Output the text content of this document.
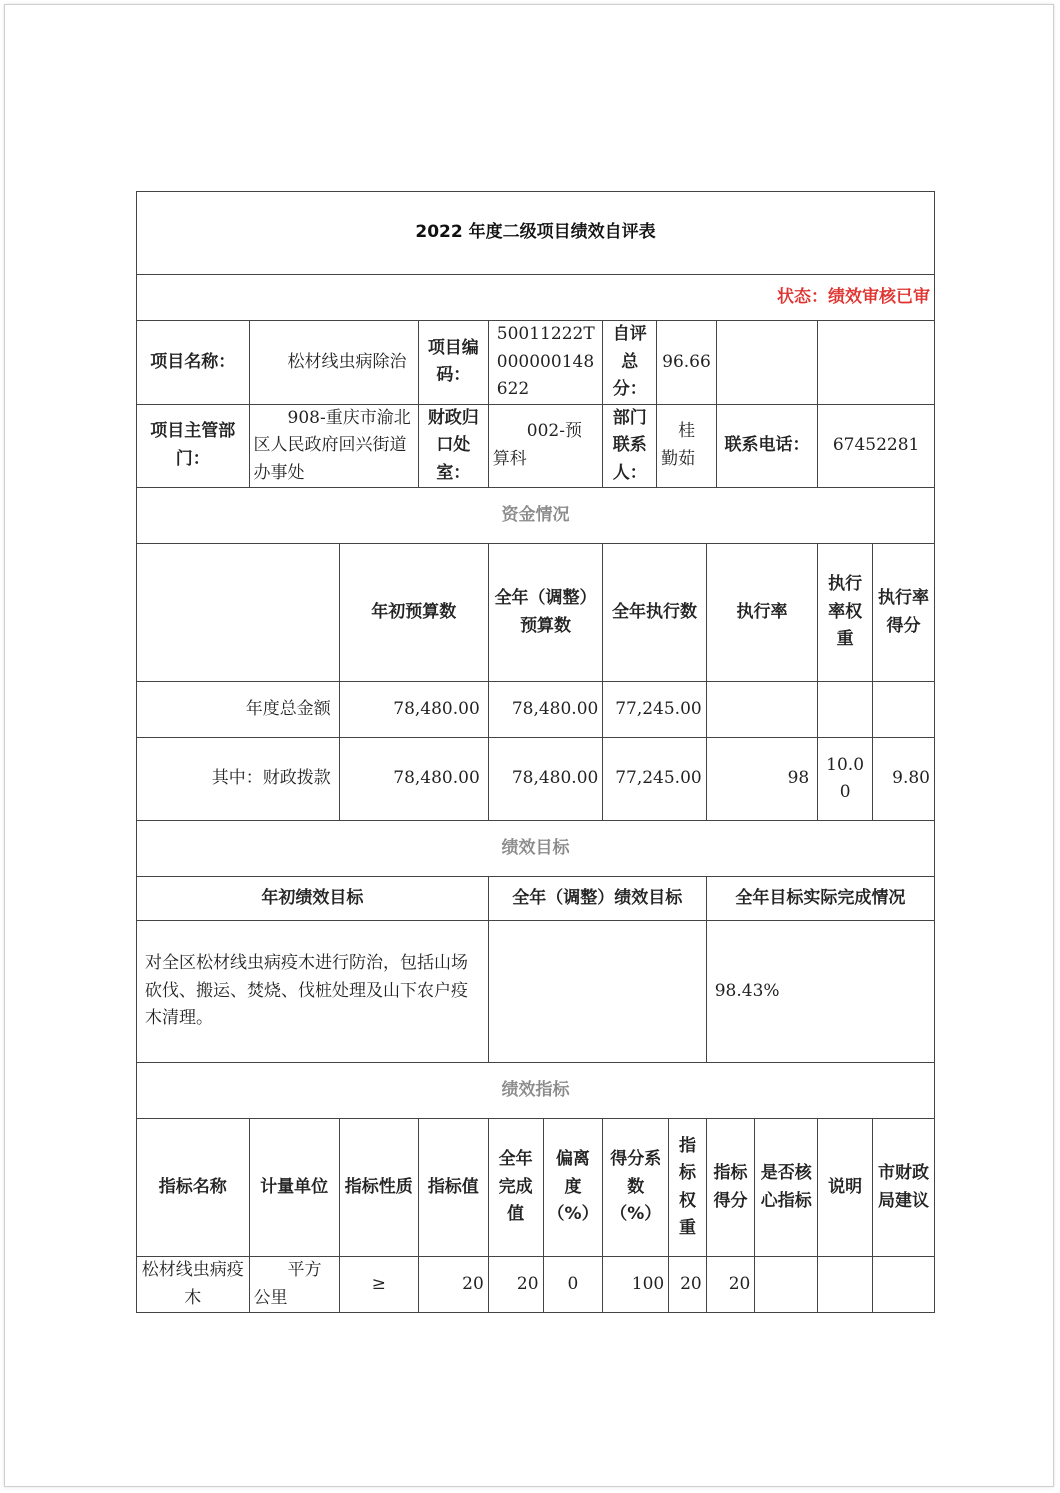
2022 年度二级项目绩效自评表													
状态：绩效审核已审													
项目名称：	松材线虫病除治		项目编码：	50011222T000000148622		自评总分：	96.66						
项目主管部门：	908-重庆市渝北区人民政府回兴街道办事处		财政归口处室：	002-预算科		部门联系人：	桂勤茹			联系电话：		67452281	
资金情况													
		年初预算数		全年（调整）预算数		全年执行数			执行率			执行率权重	执行率得分
年度总金额		78,480.00		78,480.00		77,245.00							
其中：财政拨款		78,480.00		78,480.00		77,245.00			98			10.00	9.80
绩效目标													
年初绩效目标				全年（调整）绩效目标					全年目标实际完成情况				
对全区松材线虫病疫木进行防治，包括山场砍伐、搬运、焚烧、伐桩处理及山下农户疫木清理。									98.43%				
绩效指标													
指标名称	计量单位	指标性质	指标值	全年完成值	偏离度（%）	得分系数（%）		指标权重	指标得分		是否核心指标	说明	市财政局建议
松材线虫病疫木	平方公里	≥	20	20	0	100		20	20				
